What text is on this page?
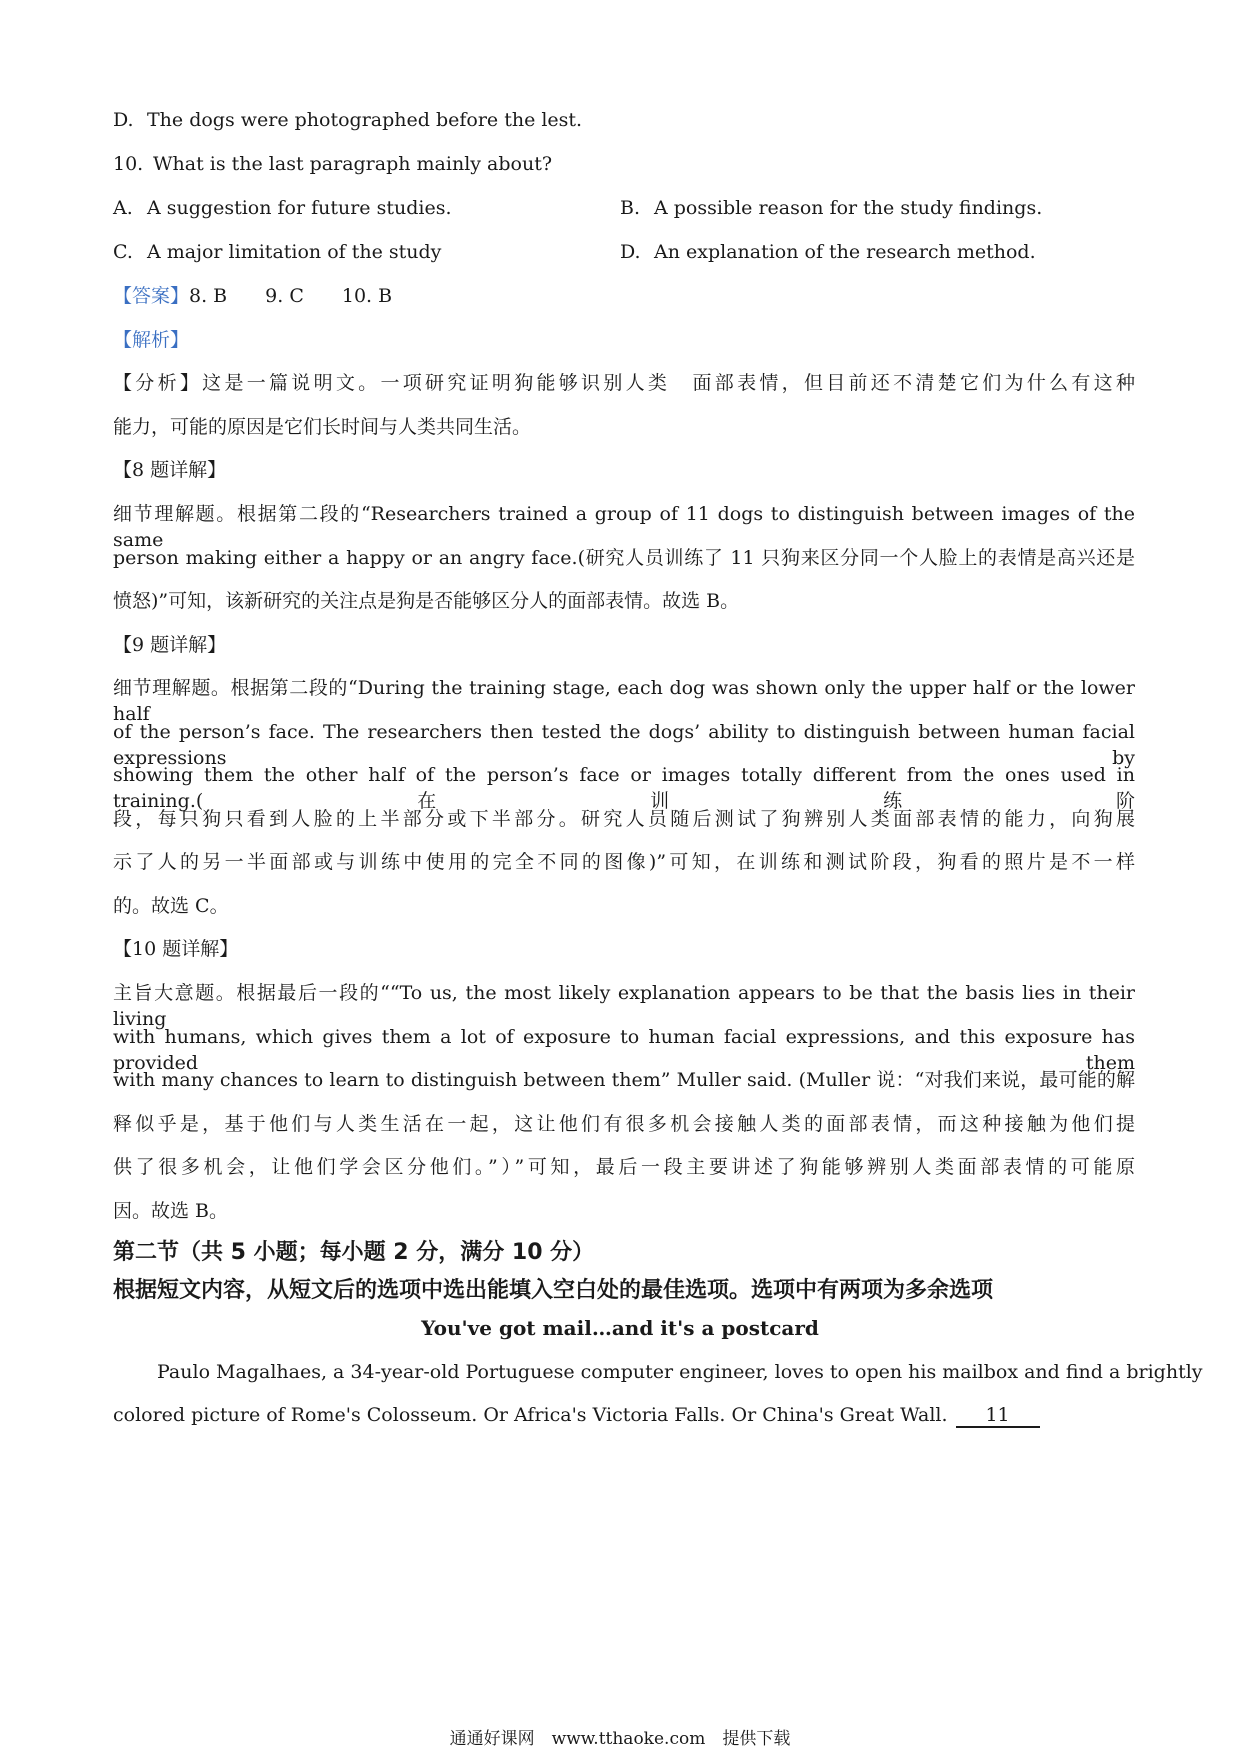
D. The dogs were photographed before the lest.
10. What is the last paragraph mainly about?
A. A suggestion for future studies.	B. A possible reason for the study findings.
C. A major limitation of the study	D. An explanation of the research method.
【答案】8. B 9. C 10. B
【解析】
【分析】这是一篇说明文。一项研究证明狗能够识别人类　面部表情，但目前还不清楚它们为什么有这种
能力，可能的原因是它们长时间与人类共同生活。
【8 题详解】
细节理解题。根据第二段的“Researchers trained a group of 11 dogs to distinguish between images of the same
person making either a happy or an angry face.(研究人员训练了 11 只狗来区分同一个人脸上的表情是高兴还是
愤怒)”可知，该新研究的关注点是狗是否能够区分人的面部表情。故选 B。
【9 题详解】
细节理解题。根据第二段的“During the training stage, each dog was shown only the upper half or the lower half
of the person’s face. The researchers then tested the dogs’ ability to distinguish between human facial expressions by
showing them the other half of the person’s face or images totally different from the ones used in training.(在训练阶
段，每只狗只看到人脸的上半部分或下半部分。研究人员随后测试了狗辨别人类面部表情的能力，向狗展
示了人的另一半面部或与训练中使用的完全不同的图像)”可知，在训练和测试阶段，狗看的照片是不一样
的。故选 C。
【10 题详解】
主旨大意题。根据最后一段的““To us, the most likely explanation appears to be that the basis lies in their living
with humans, which gives them a lot of exposure to human facial expressions, and this exposure has provided them
with many chances to learn to distinguish between them” Muller said. (Muller 说：“对我们来说，最可能的解
释似乎是，基于他们与人类生活在一起，这让他们有很多机会接触人类的面部表情，而这种接触为他们提
供了很多机会，让他们学会区分他们。”）”可知，最后一段主要讲述了狗能够辨别人类面部表情的可能原
因。故选 B。
第二节（共 5 小题；每小题 2 分，满分 10 分）
根据短文内容，从短文后的选项中选出能填入空白处的最佳选项。选项中有两项为多余选项
You've got mail…and it's a postcard
Paulo Magalhaes, a 34-year-old Portuguese computer engineer, loves to open his mailbox and find a brightly
colored picture of Rome's Colosseum. Or Africa's Victoria Falls. Or China's Great Wall. 11
通通好课网　www.tthaoke.com　提供下载
